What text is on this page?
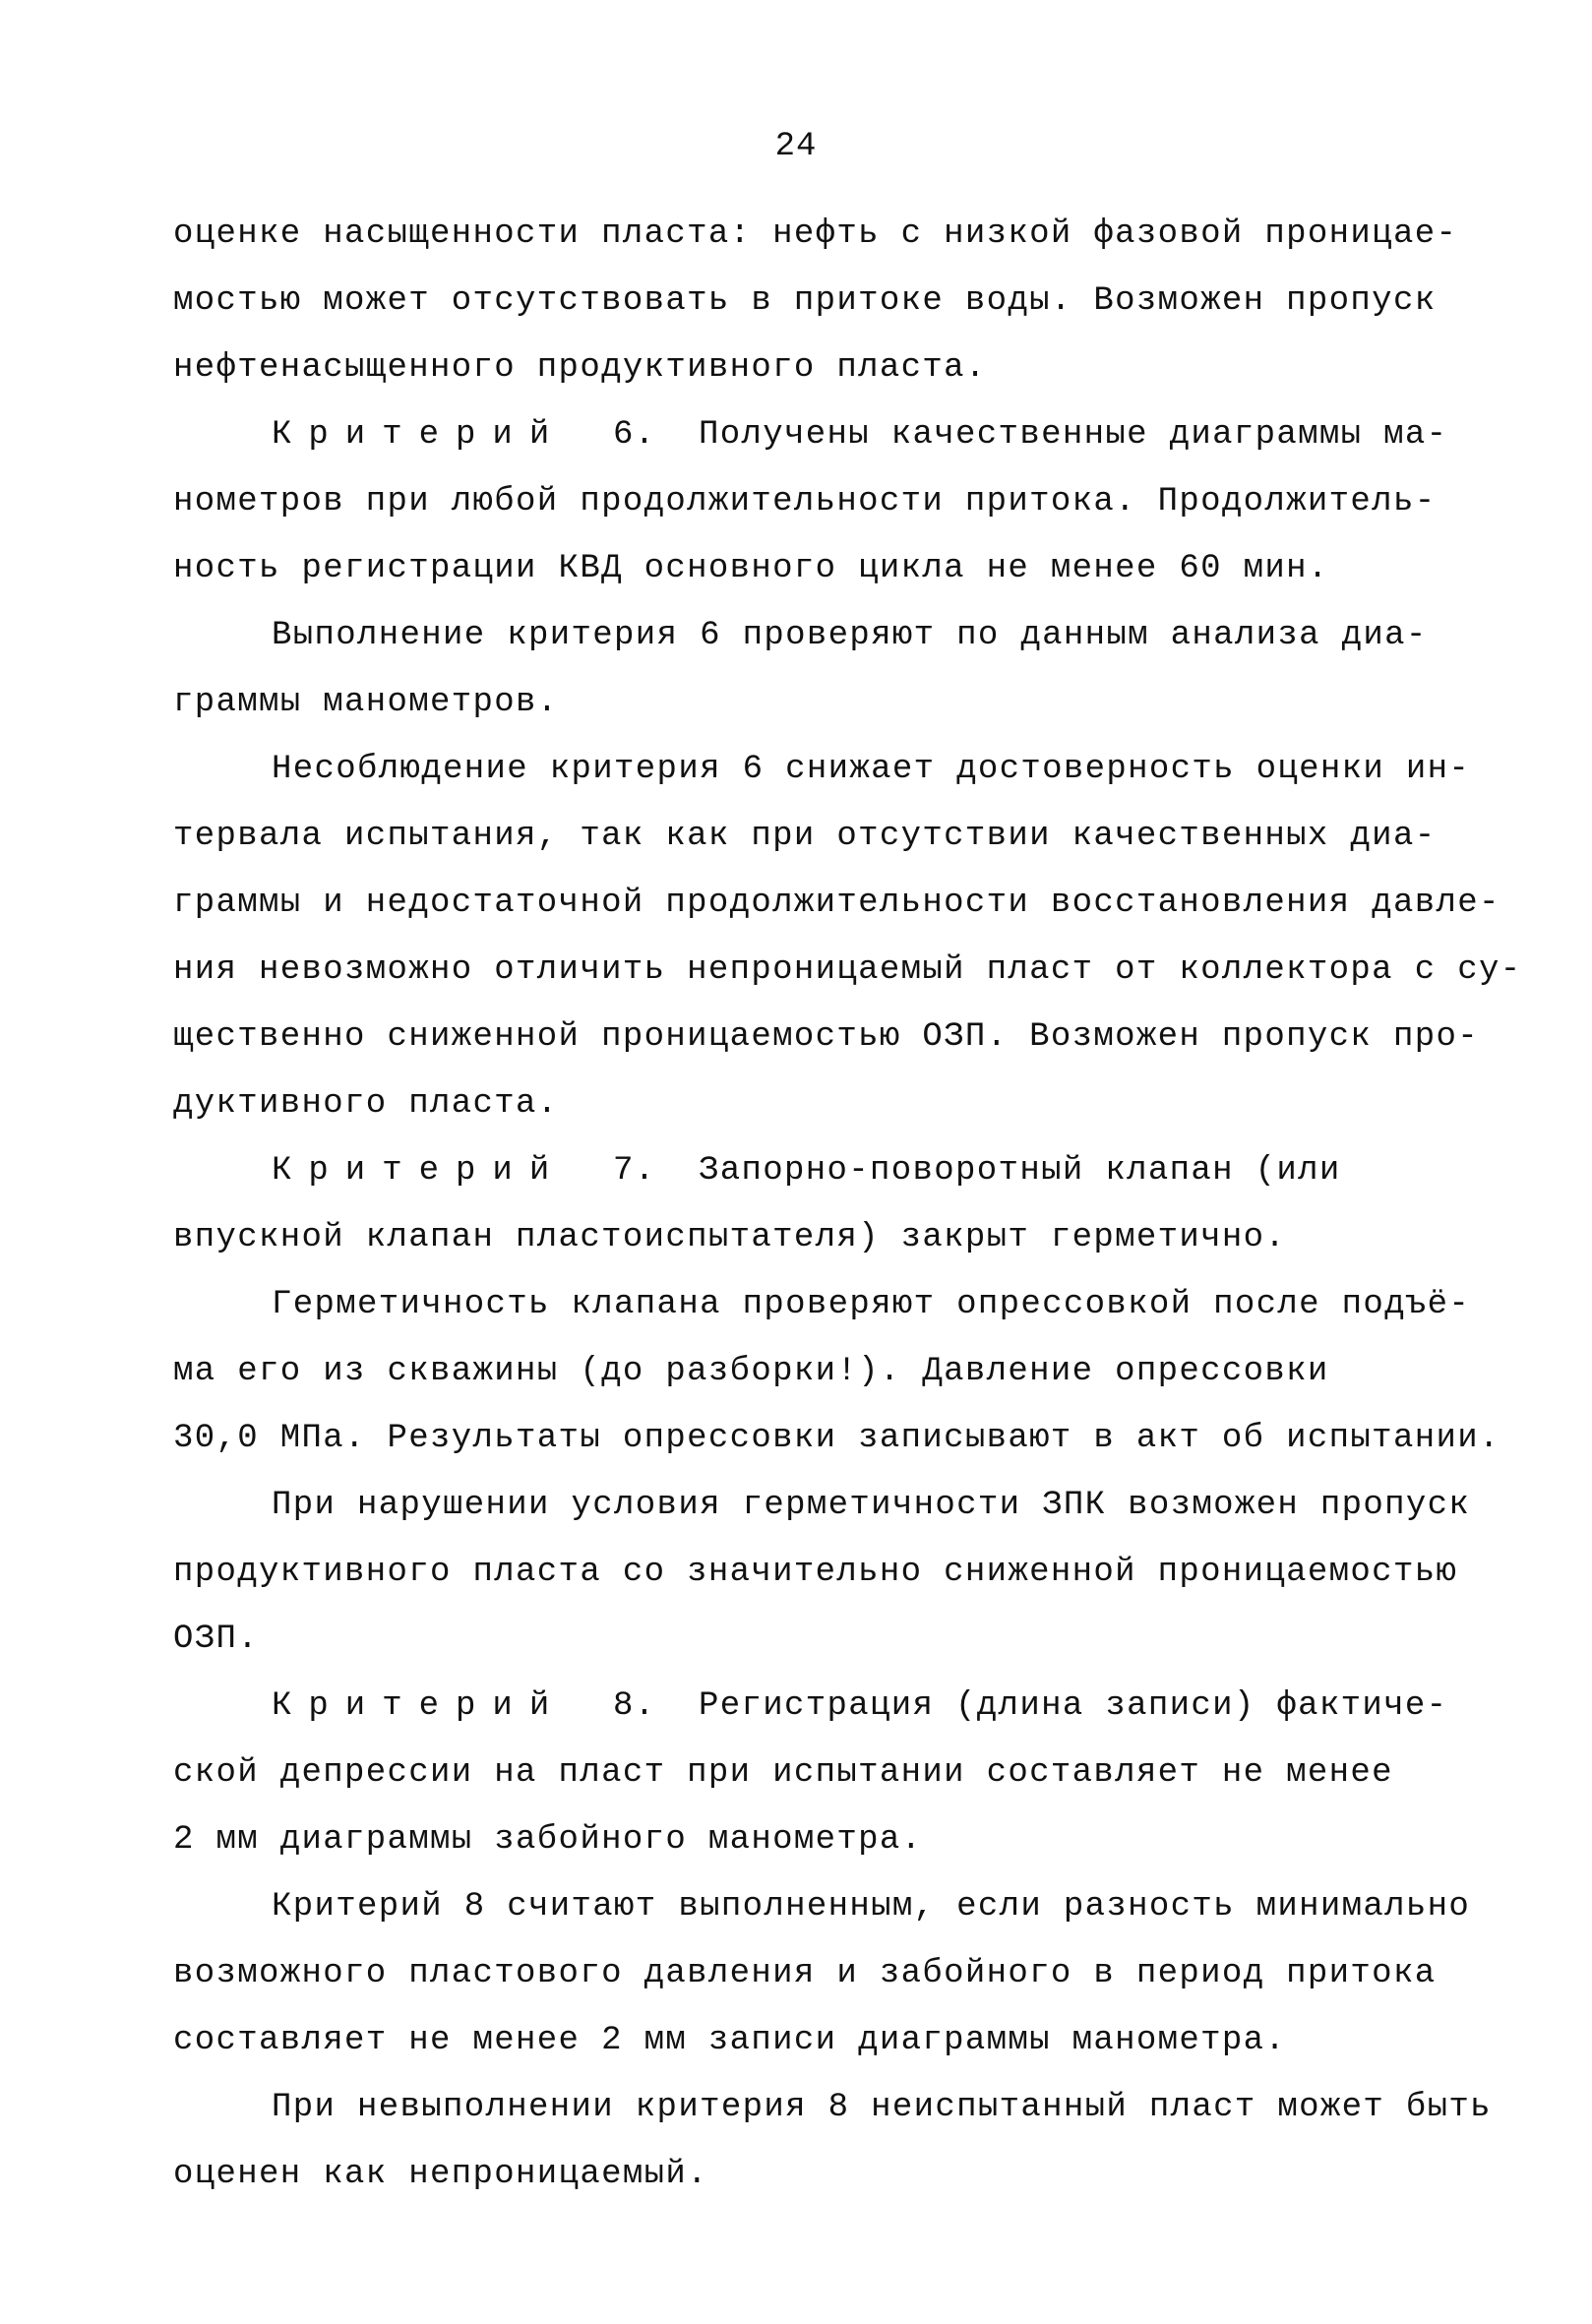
24
оценке насыщенности пласта: нефть с низкой фазовой проницае-
мостью может отсутствовать в притоке воды. Возможен пропуск
нефтенасыщенного продуктивного пласта.
Критерий 6.  Получены качественные диаграммы ма-
нометров при любой продолжительности притока. Продолжитель-
ность регистрации КВД основного цикла не менее 60 мин.
Выполнение критерия 6 проверяют по данным анализа диа-
граммы манометров.
Несоблюдение критерия 6 снижает достоверность оценки ин-
тервала испытания, так как при отсутствии качественных диа-
граммы и недостаточной продолжительности восстановления давле-
ния невозможно отличить непроницаемый пласт от коллектора с су-
щественно сниженной проницаемостью ОЗП. Возможен пропуск про-
дуктивного пласта.
Критерий 7.  Запорно-поворотный клапан (или
впускной клапан пластоиспытателя) закрыт герметично.
Герметичность клапана проверяют опрессовкой после подъё-
ма его из скважины (до разборки!). Давление опрессовки
30,0 МПа. Результаты опрессовки записывают в акт об испытании.
При нарушении условия герметичности ЗПК возможен пропуск
продуктивного пласта со значительно сниженной проницаемостью
ОЗП.
Критерий 8.  Регистрация (длина записи) фактиче-
ской депрессии на пласт при испытании составляет не менее
2 мм диаграммы забойного манометра.
Критерий 8 считают выполненным, если разность минимально
возможного пластового давления и забойного в период притока
составляет не менее 2 мм записи диаграммы манометра.
При невыполнении критерия 8 неиспытанный пласт может быть
оценен как непроницаемый.
